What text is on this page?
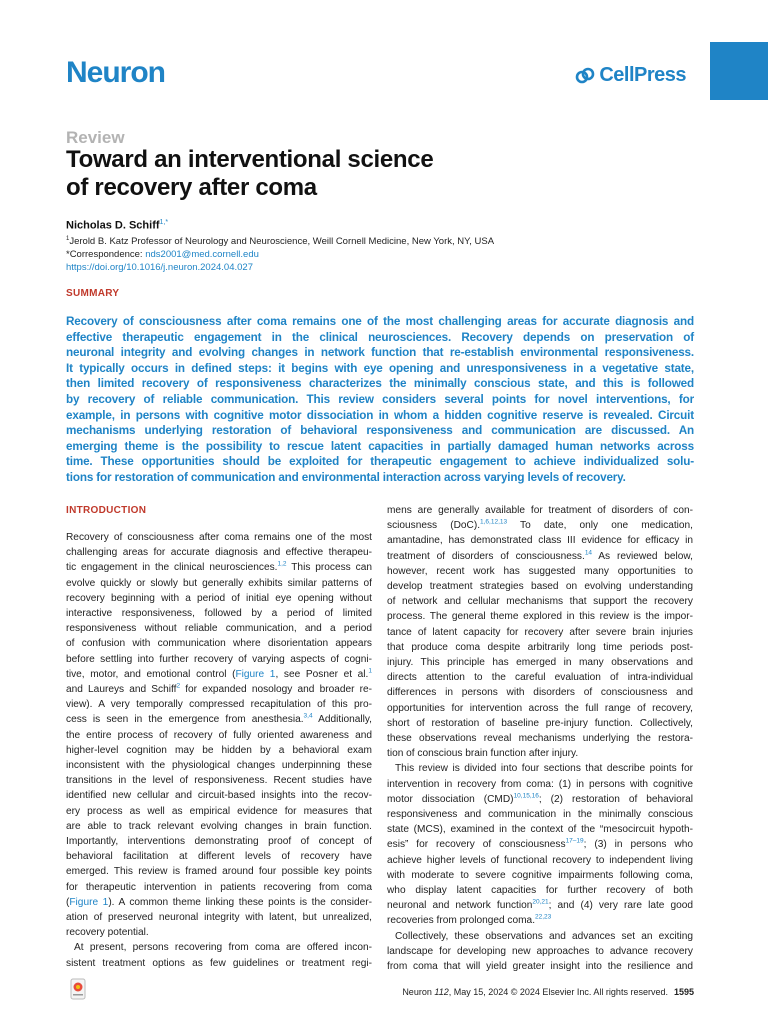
Neuron	CellPress
Review
Toward an interventional science
of recovery after coma
Nicholas D. Schiff$^{1,*}$
$^1$Jerold B. Katz Professor of Neurology and Neuroscience, Weill Cornell Medicine, New York, NY, USA
*Correspondence: nds2001@med.cornell.edu
https://doi.org/10.1016/j.neuron.2024.04.027
SUMMARY
Recovery of consciousness after coma remains one of the most challenging areas for accurate diagnosis and
effective therapeutic engagement in the clinical neurosciences. Recovery depends on preservation of
neuronal integrity and evolving changes in network function that re-establish environmental responsiveness.
It typically occurs in defined steps: it begins with eye opening and unresponsiveness in a vegetative state,
then limited recovery of responsiveness characterizes the minimally conscious state, and this is followed
by recovery of reliable communication. This review considers several points for novel interventions, for
example, in persons with cognitive motor dissociation in whom a hidden cognitive reserve is revealed. Circuit
mechanisms underlying restoration of behavioral responsiveness and communication are discussed. An
emerging theme is the possibility to rescue latent capacities in partially damaged human networks across
time. These opportunities should be exploited for therapeutic engagement to achieve individualized solu-
tions for restoration of communication and environmental interaction across varying levels of recovery.
INTRODUCTION
Recovery of consciousness after coma remains one of the most
challenging areas for accurate diagnosis and effective therapeu-
tic engagement in the clinical neurosciences.$^{1,2}$ This process can
evolve quickly or slowly but generally exhibits similar patterns of
recovery beginning with a period of initial eye opening without
interactive responsiveness, followed by a period of limited
responsiveness without reliable communication, and a period
of confusion with communication where disorientation appears
before settling into further recovery of varying aspects of cogni-
tive, motor, and emotional control (Figure 1, see Posner et al.$^1$
and Laureys and Schiff$^2$ for expanded nosology and broader re-
view). A very temporally compressed recapitulation of this pro-
cess is seen in the emergence from anesthesia.$^{3,4}$ Additionally,
the entire process of recovery of fully oriented awareness and
higher-level cognition may be hidden by a behavioral exam
inconsistent with the physiological changes underpinning these
transitions in the level of responsiveness. Recent studies have
identified new cellular and circuit-based insights into the recov-
ery process as well as empirical evidence for measures that
are able to track relevant evolving changes in brain function.
Importantly, interventions demonstrating proof of concept of
behavioral facilitation at different levels of recovery have
emerged. This review is framed around four possible key points
for therapeutic intervention in patients recovering from coma
(Figure 1). A common theme linking these points is the consider-
ation of preserved neuronal integrity with latent, but unrealized,
recovery potential.
At present, persons recovering from coma are offered incon-
sistent treatment options as few guidelines or treatment regi-
mens are generally available for treatment of disorders of con-
sciousness (DoC).$^{1,6,12,13}$ To date, only one medication,
amantadine, has demonstrated class III evidence for efficacy in
treatment of disorders of consciousness.$^{14}$ As reviewed below,
however, recent work has suggested many opportunities to
develop treatment strategies based on evolving understanding
of network and cellular mechanisms that support the recovery
process. The general theme explored in this review is the impor-
tance of latent capacity for recovery after severe brain injuries
that produce coma despite arbitrarily long time periods post-
injury. This principle has emerged in many observations and
directs attention to the careful evaluation of intra-individual
differences in persons with disorders of consciousness and
opportunities for intervention across the full range of recovery,
short of restoration of baseline pre-injury function. Collectively,
these observations reveal mechanisms underlying the restora-
tion of conscious brain function after injury.
This review is divided into four sections that describe points for
intervention in recovery from coma: (1) in persons with cognitive
motor dissociation (CMD)$^{10,15,16}$; (2) restoration of behavioral
responsiveness and communication in the minimally conscious
state (MCS), examined in the context of the “mesocircuit hypoth-
esis” for recovery of consciousness$^{17-19}$; (3) in persons who
achieve higher levels of functional recovery to independent living
with moderate to severe cognitive impairments following coma,
who display latent capacities for further recovery of both
neuronal and network function$^{20,21}$; and (4) very rare late good
recoveries from prolonged coma.$^{22,23}$
Collectively, these observations and advances set an exciting
landscape for developing new approaches to advance recovery
from coma that will yield greater insight into the resilience and
Neuron 112, May 15, 2024 © 2024 Elsevier Inc. All rights reserved. 1595
